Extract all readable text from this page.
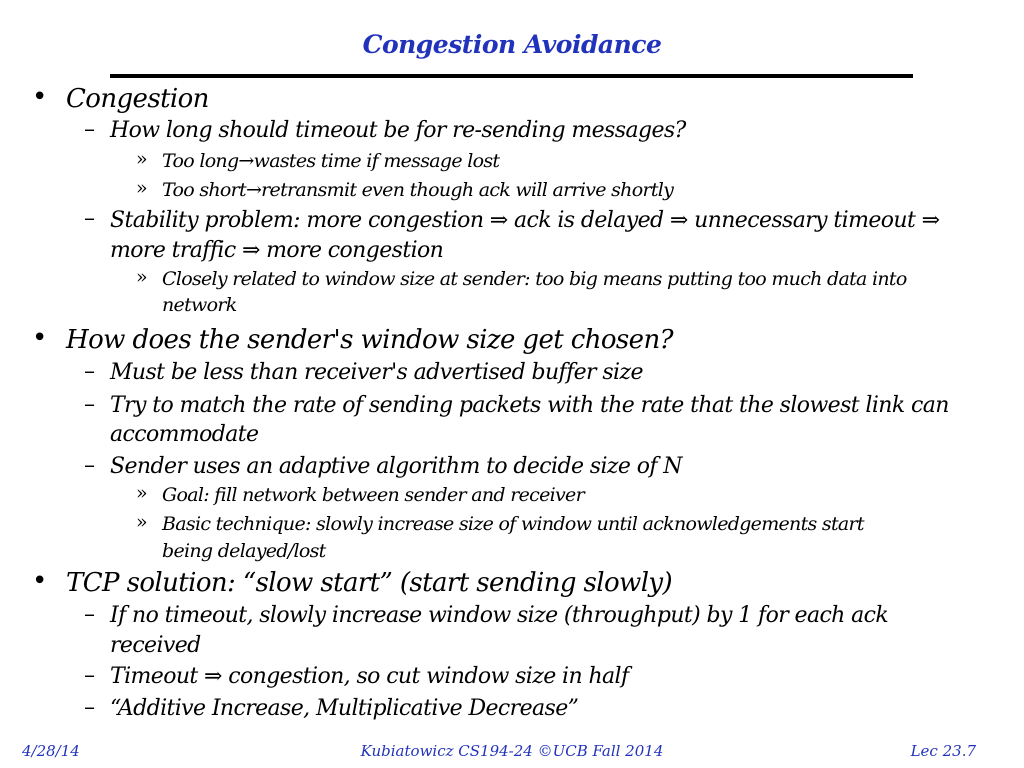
Congestion Avoidance
• Congestion
– How long should timeout be for re-sending messages?
» Too long→wastes time if message lost
» Too short→retransmit even though ack will arrive shortly
– Stability problem: more congestion ⇒ ack is delayed ⇒ unnecessary timeout ⇒
more traffic ⇒ more congestion
» Closely related to window size at sender: too big means putting too much data into
network
• How does the sender's window size get chosen?
– Must be less than receiver's advertised buffer size
– Try to match the rate of sending packets with the rate that the slowest link can
accommodate
– Sender uses an adaptive algorithm to decide size of N
» Goal: fill network between sender and receiver
» Basic technique: slowly increase size of window until acknowledgements start
being delayed/lost
• TCP solution: “slow start” (start sending slowly)
– If no timeout, slowly increase window size (throughput) by 1 for each ack
received
– Timeout ⇒ congestion, so cut window size in half
– “Additive Increase, Multiplicative Decrease”
4/28/14	Kubiatowicz CS194-24 ©UCB Fall 2014	Lec 23.7
